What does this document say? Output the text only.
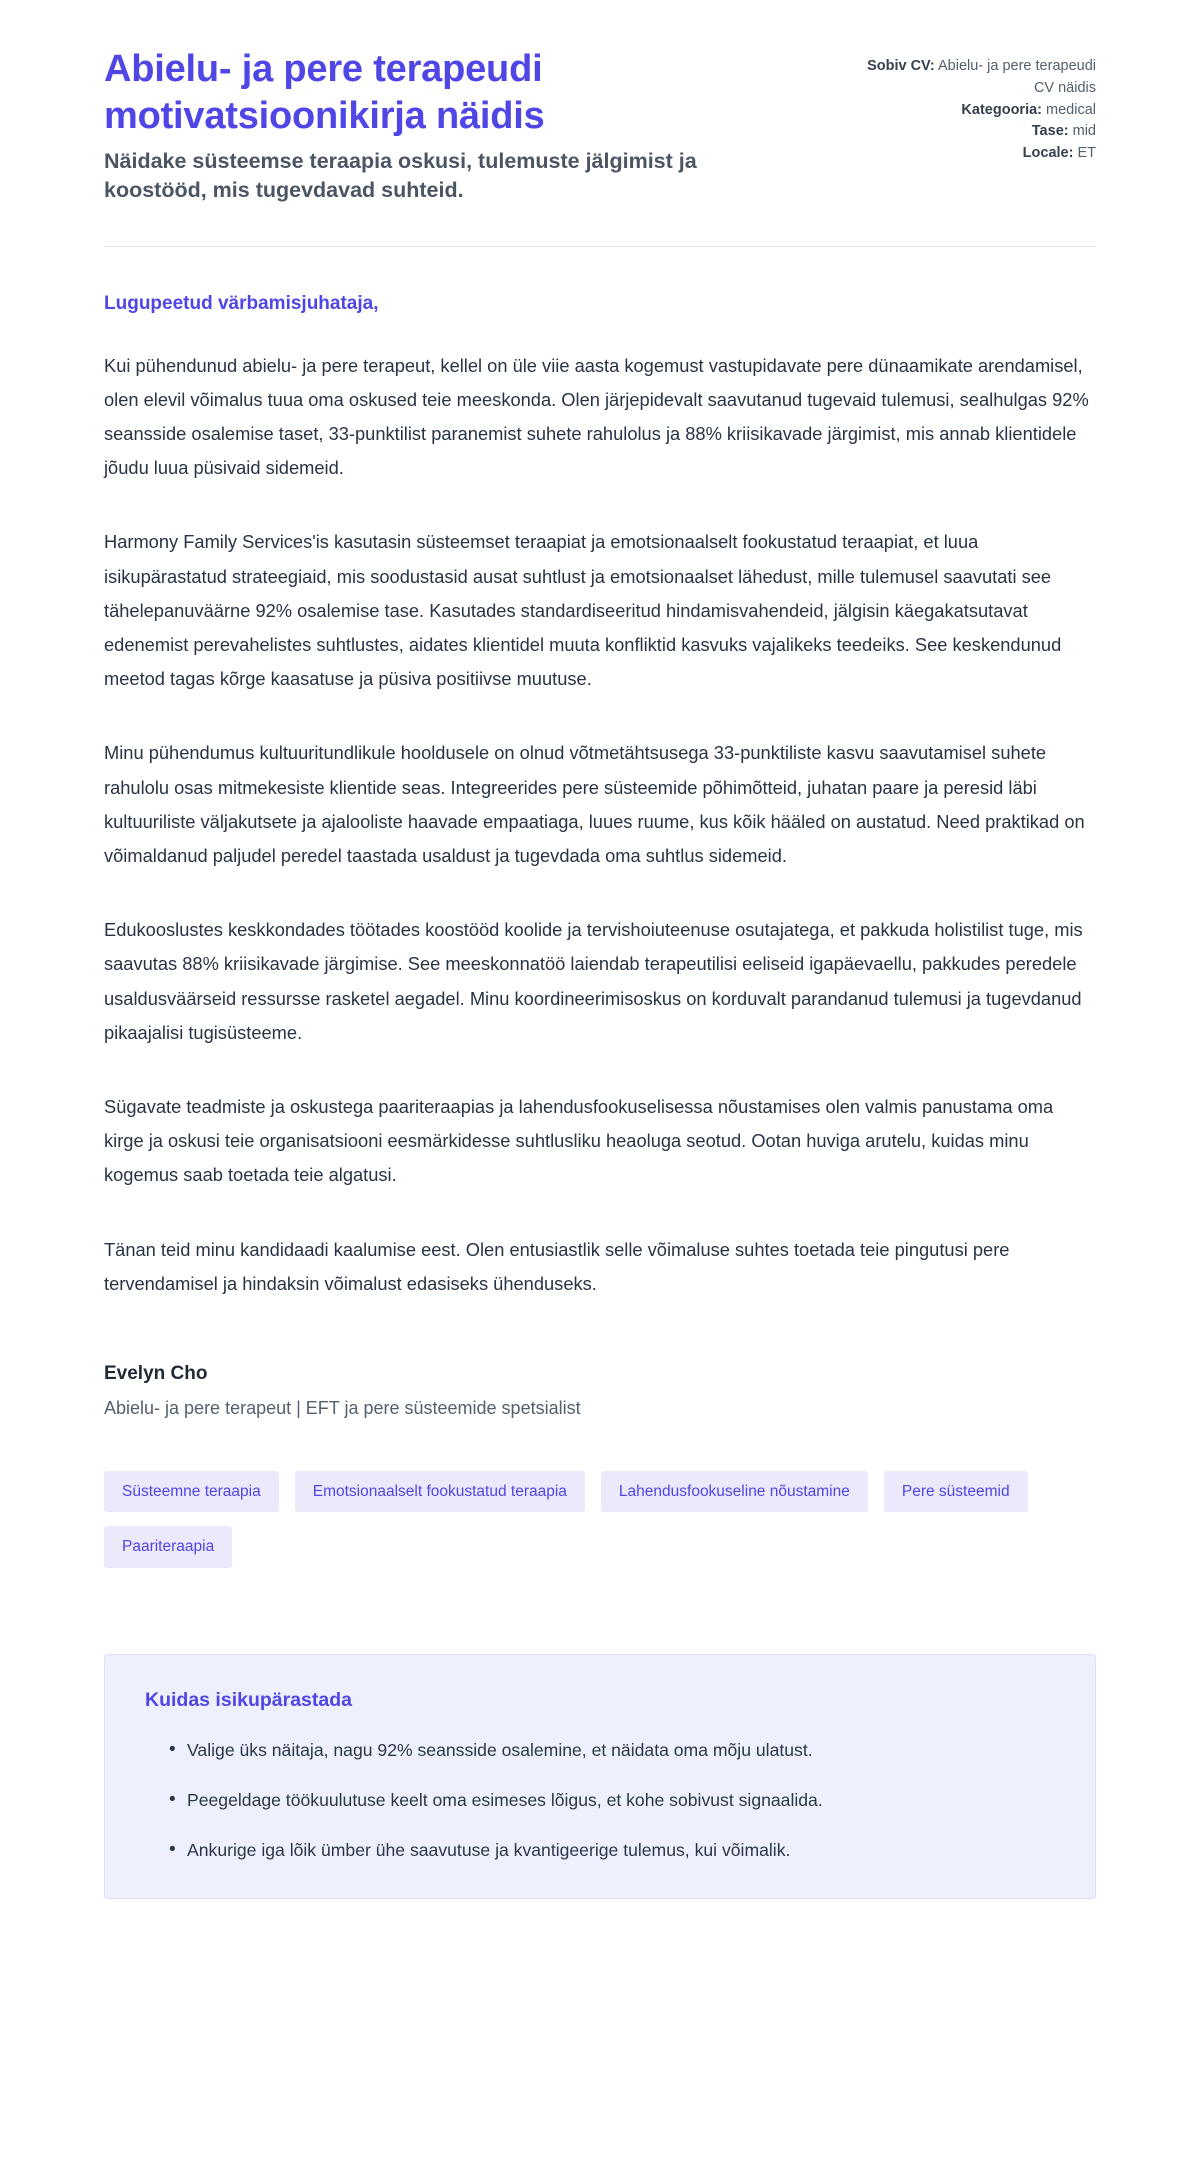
Abielu- ja pere terapeudi motivatsioonikirja näidis

Näidake süsteemse teraapia oskusi, tulemuste jälgimist ja koostööd, mis tugevdavad suhteid.

Sobiv CV: Abielu- ja pere terapeudi CV näidis
Kategooria: medical
Tase: mid
Locale: ET

Lugupeetud värbamisjuhataja,

Kui pühendunud abielu- ja pere terapeut, kellel on üle viie aasta kogemust vastupidavate pere dünaamikate arendamisel, olen elevil võimalus tuua oma oskused teie meeskonda. Olen järjepidevalt saavutanud tugevaid tulemusi, sealhulgas 92% seansside osalemise taset, 33-punktilist paranemist suhete rahulolus ja 88% kriisikavade järgimist, mis annab klientidele jõudu luua püsivaid sidemeid.

Harmony Family Services'is kasutasin süsteemset teraapiat ja emotsionaalselt fookustatud teraapiat, et luua isikupärastatud strateegiaid, mis soodustasid ausat suhtlust ja emotsionaalset lähedust, mille tulemusel saavutati see tähelepanuväärne 92% osalemise tase. Kasutades standardiseeritud hindamisvahendeid, jälgisin käegakatsutavat edenemist perevahelistes suhtlustes, aidates klientidel muuta konfliktid kasvuks vajalikeks teedeiks. See keskendunud meetod tagas kõrge kaasatuse ja püsiva positiivse muutuse.

Minu pühendumus kultuuritundlikule hooldusele on olnud võtmetähtsusega 33-punktiliste kasvu saavutamisel suhete rahulolu osas mitmekesiste klientide seas. Integreerides pere süsteemide põhimõtteid, juhatan paare ja peresid läbi kultuuriliste väljakutsete ja ajalooliste haavade empaatiaga, luues ruume, kus kõik hääled on austatud. Need praktikad on võimaldanud paljudel peredel taastada usaldust ja tugevdada oma suhtlus sidemeid.

Edukooslustes keskkondades töötades koostööd koolide ja tervishoiuteenuse osutajatega, et pakkuda holistilist tuge, mis saavutas 88% kriisikavade järgimise. See meeskonnatöö laiendab terapeutilisi eeliseid igapäevaellu, pakkudes peredele usaldusväärseid ressursse rasketel aegadel. Minu koordineerimisoskus on korduvalt parandanud tulemusi ja tugevdanud pikaajalisi tugisüsteeme.

Sügavate teadmiste ja oskustega paariteraapias ja lahendusfookuselisessa nõustamises olen valmis panustama oma kirge ja oskusi teie organisatsiooni eesmärkidesse suhtlusliku heaoluga seotud. Ootan huviga arutelu, kuidas minu kogemus saab toetada teie algatusi.

Tänan teid minu kandidaadi kaalumise eest. Olen entusiastlik selle võimaluse suhtes toetada teie pingutusi pere tervendamisel ja hindaksin võimalust edasiseks ühenduseks.

Evelyn Cho

Abielu- ja pere terapeut | EFT ja pere süsteemide spetsialist

Süsteemne teraapia	Emotsionaalselt fookustatud teraapia	Lahendusfookuseline nõustamine	Pere süsteemid
Paariteraapia
Kuidas isikupärastada
• Valige üks näitaja, nagu 92% seansside osalemine, et näidata oma mõju ulatust.
• Peegeldage töökuulutuse keelt oma esimeses lõigus, et kohe sobivust signaalida.
• Ankurige iga lõik ümber ühe saavutuse ja kvantigeerige tulemus, kui võimalik.
